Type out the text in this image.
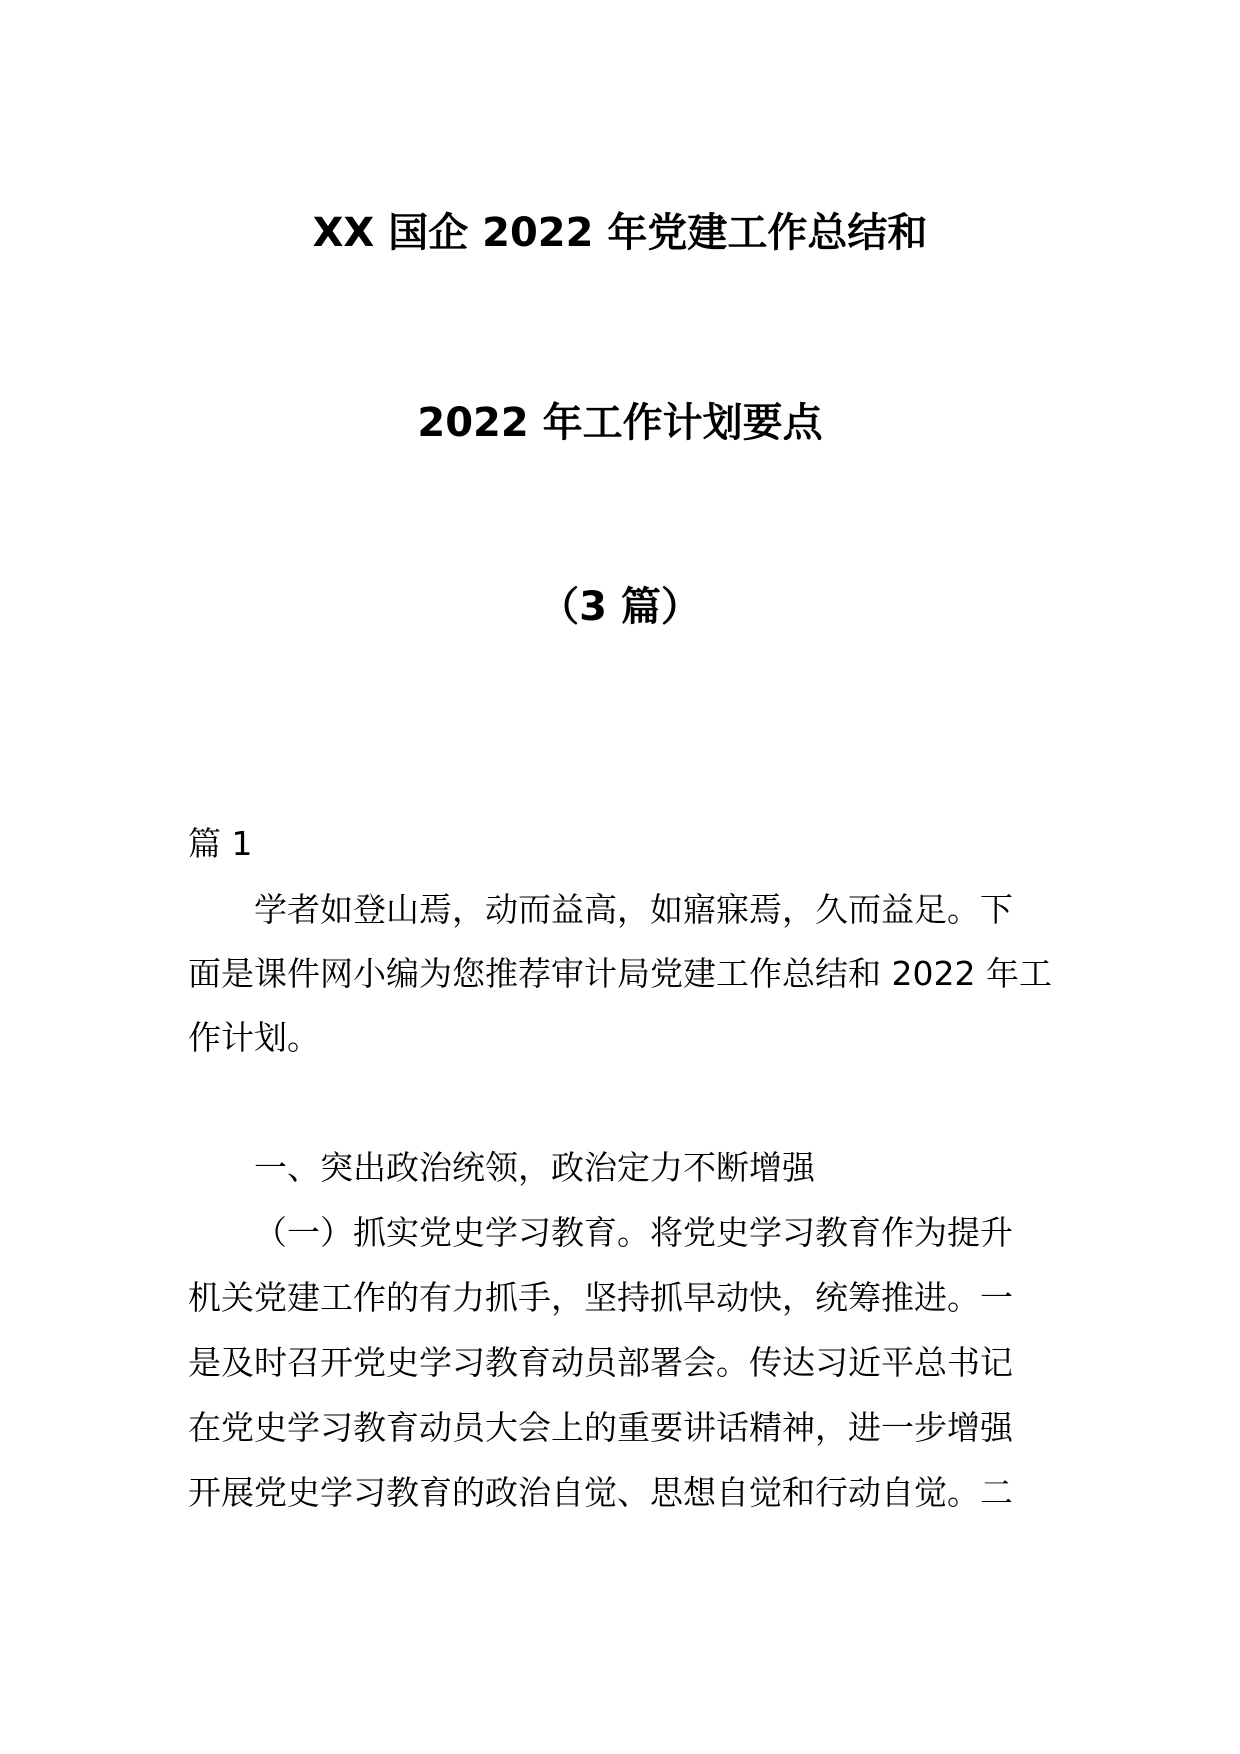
XX 国企 2022 年党建工作总结和
2022 年工作计划要点
（3 篇）
篇 1
学者如登山焉，动而益高，如寤寐焉，久而益足。下
面是课件网小编为您推荐审计局党建工作总结和 2022 年工
作计划。
一、突出政治统领，政治定力不断增强
（一）抓实党史学习教育。将党史学习教育作为提升
机关党建工作的有力抓手，坚持抓早动快，统筹推进。一
是及时召开党史学习教育动员部署会。传达习近平总书记
在党史学习教育动员大会上的重要讲话精神，进一步增强
开展党史学习教育的政治自觉、思想自觉和行动自觉。二
